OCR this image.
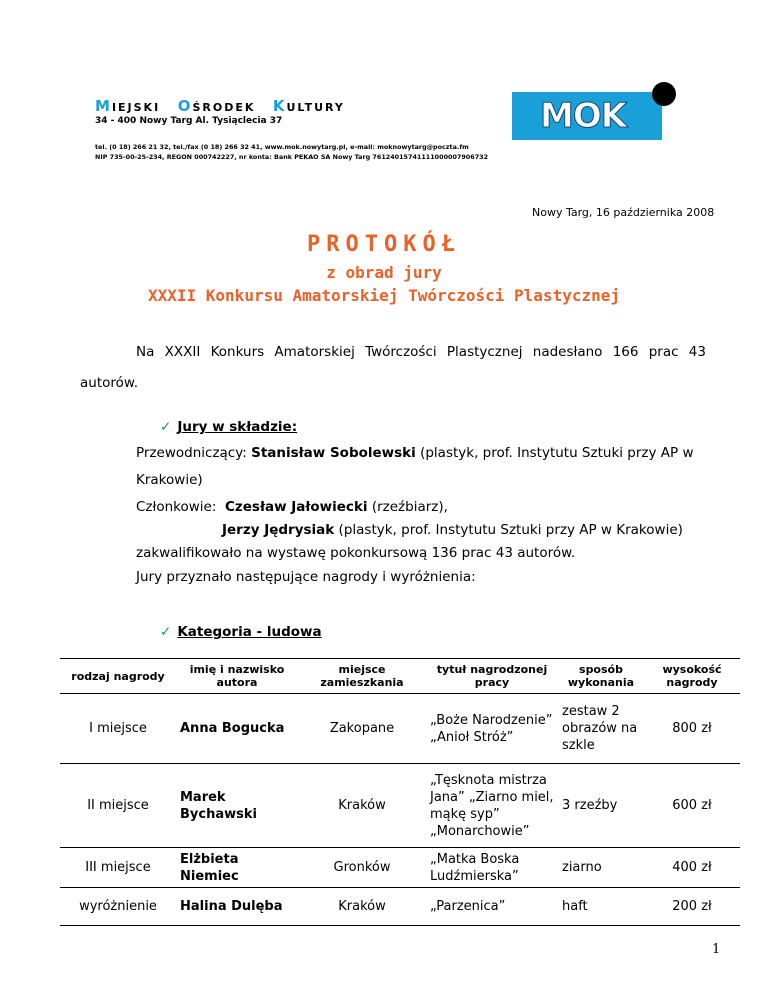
MIEJSKI OŚRODEK KULTURY
34 - 400 Nowy Targ Al. Tysiąclecia 37
tel. (0 18) 266 21 32, tel./fax (0 18) 266 32 41, www.mok.nowytarg.pl, e-mail: moknowytarg@poczta.fm
NIP 735-00-25-234, REGON 000742227, nr konta: Bank PEKAO SA Nowy Targ 76124015741111000007906732
MOK
Nowy Targ, 16 października 2008
PROTOKÓŁ
z obrad jury
XXXII Konkursu Amatorskiej Twórczości Plastycznej
Na XXXII Konkurs Amatorskiej Twórczości Plastycznej nadesłano 166 prac 43
autorów.
✓ Jury w składzie:
Przewodniczący: Stanisław Sobolewski (plastyk, prof. Instytutu Sztuki przy AP w
Krakowie)
Członkowie: Czesław Jałowiecki (rzeźbiarz),
Jerzy Jędrysiak (plastyk, prof. Instytutu Sztuki przy AP w Krakowie)
zakwalifikowało na wystawę pokonkursową 136 prac 43 autorów.
Jury przyznało następujące nagrody i wyróżnienia:
✓ Kategoria - ludowa
rodzaj nagrody	imię i nazwisko autora	miejsce zamieszkania	tytuł nagrodzonej pracy	sposób wykonania	wysokość nagrody
I miejsce	Anna Bogucka	Zakopane	„Boże Narodzenie” „Anioł Stróż”	zestaw 2 obrazów na szkle	800 zł
II miejsce	Marek Bychawski	Kraków	„Tęsknota mistrza Jana” „Ziarno miel, mąkę syp” „Monarchowie”	3 rzeźby	600 zł
III miejsce	Elżbieta Niemiec	Gronków	„Matka Boska Ludźmierska”	ziarno	400 zł
wyróżnienie	Halina Dulęba	Kraków	„Parzenica”	haft	200 zł
1
